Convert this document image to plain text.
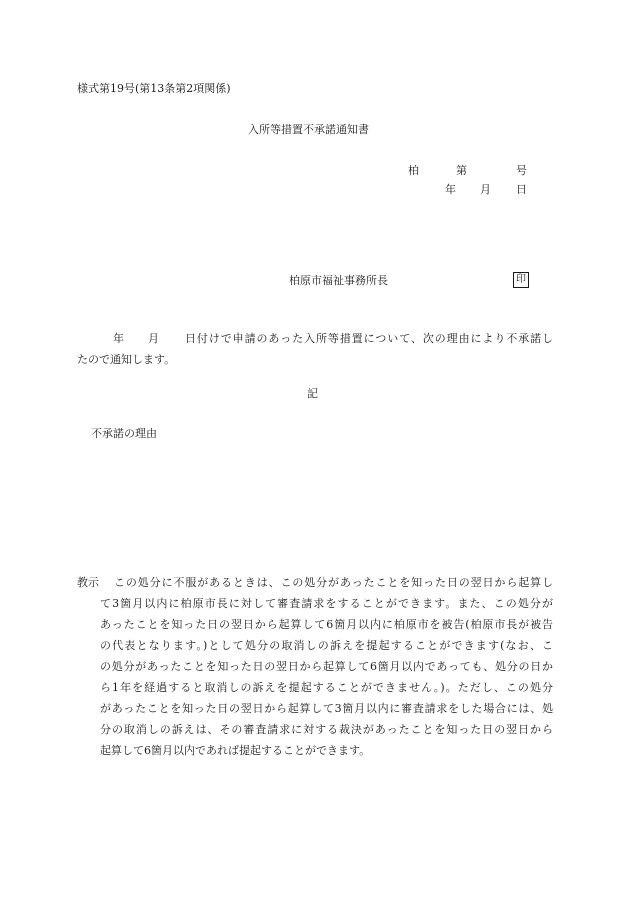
様式第19号(第13条第2項関係)
入所等措置不承諾通知書
柏	第	号
年 月 日
柏原市福祉事務所長	印
年 月 日付けで申請のあった入所等措置について、次の理由により不承諾し
たので通知します。
記
不承諾の理由
教示 この処分に不服があるときは、この処分があったことを知った日の翌日から起算し
て3箇月以内に柏原市長に対して審査請求をすることができます。また、この処分が
あったことを知った日の翌日から起算して6箇月以内に柏原市を被告(柏原市長が被告
の代表となります。)として処分の取消しの訴えを提起することができます(なお、こ
の処分があったことを知った日の翌日から起算して6箇月以内であっても、処分の日か
ら1年を経過すると取消しの訴えを提起することができません。)。ただし、この処分
があったことを知った日の翌日から起算して3箇月以内に審査請求をした場合には、処
分の取消しの訴えは、その審査請求に対する裁決があったことを知った日の翌日から
起算して6箇月以内であれば提起することができます。
